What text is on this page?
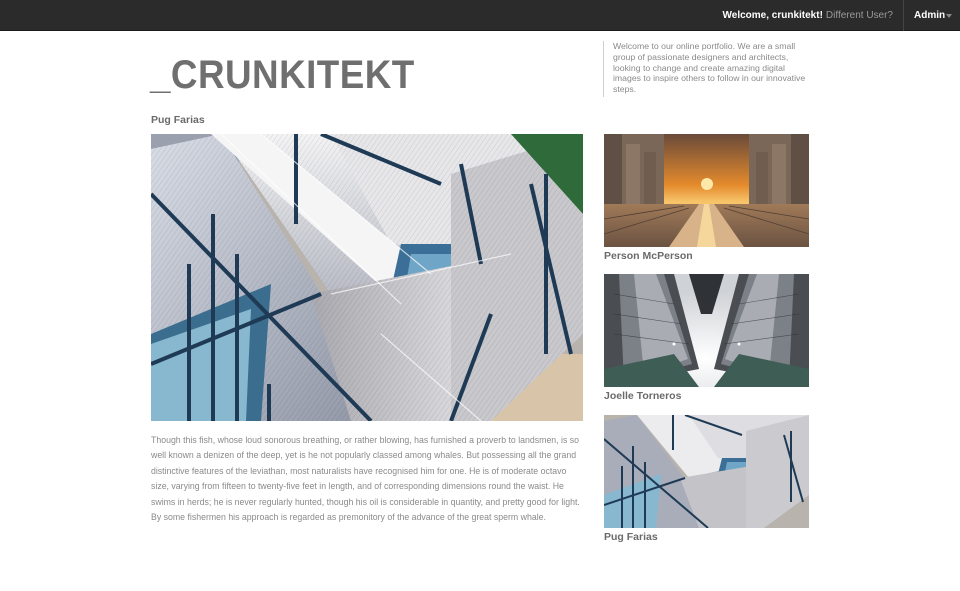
Welcome, crunkitekt! Different User?	Admin
_CRUNKITEKT
Welcome to our online portfolio. We are a small group of passionate designers and architects, looking to change and create amazing digital images to inspire others to follow in our innovative steps.
Pug Farias
Though this fish, whose loud sonorous breathing, or rather blowing, has furnished a proverb to landsmen, is so well known a denizen of the deep, yet is he not popularly classed among whales. But possessing all the grand distinctive features of the leviathan, most naturalists have recognised him for one. He is of moderate octavo size, varying from fifteen to twenty-five feet in length, and of corresponding dimensions round the waist. He swims in herds; he is never regularly hunted, though his oil is considerable in quantity, and pretty good for light. By some fishermen his approach is regarded as premonitory of the advance of the great sperm whale.
Person McPerson
Joelle Torneros
Pug Farias
